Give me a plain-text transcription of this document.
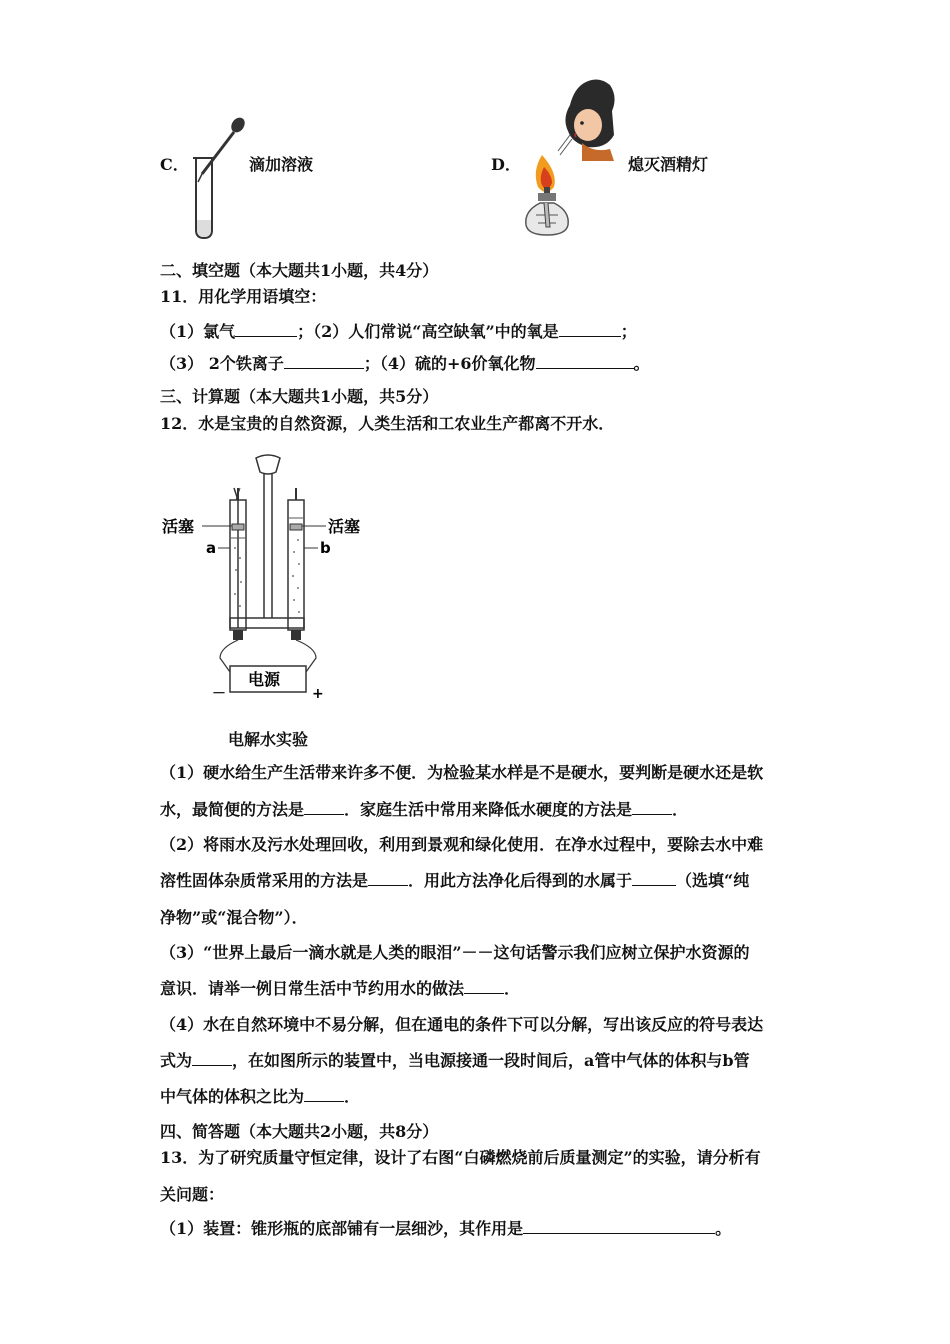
C．	滴加溶液	D．	熄灭酒精灯
二、填空题（本大题共1小题，共4分）
11．用化学用语填空：
（1）氯气	；（2）人们常说“高空缺氧”中的氧是	；
（3） 2个铁离子	；（4）硫的+6价氧化物	。
三、计算题（本大题共1小题，共5分）
12．水是宝贵的自然资源，人类生活和工农业生产都离不开水．
活塞	活塞
a	b
电源
－	+
电解水实验
（1）硬水给生产生活带来许多不便．为检验某水样是不是硬水，要判断是硬水还是软
水，最简便的方法是	．家庭生活中常用来降低水硬度的方法是	．
（2）将雨水及污水处理回收，利用到景观和绿化使用．在净水过程中，要除去水中难
溶性固体杂质常采用的方法是	．用此方法净化后得到的水属于	（选填“纯
净物”或“混合物”）．
（3）“世界上最后一滴水就是人类的眼泪”－－这句话警示我们应树立保护水资源的
意识．请举一例日常生活中节约用水的做法	．
（4）水在自然环境中不易分解，但在通电的条件下可以分解，写出该反应的符号表达
式为	，在如图所示的装置中，当电源接通一段时间后，a管中气体的体积与b管
中气体的体积之比为	．
四、简答题（本大题共2小题，共8分）
13．为了研究质量守恒定律，设计了右图“白磷燃烧前后质量测定”的实验，请分析有
关问题：
（1）装置：锥形瓶的底部铺有一层细沙，其作用是	。
